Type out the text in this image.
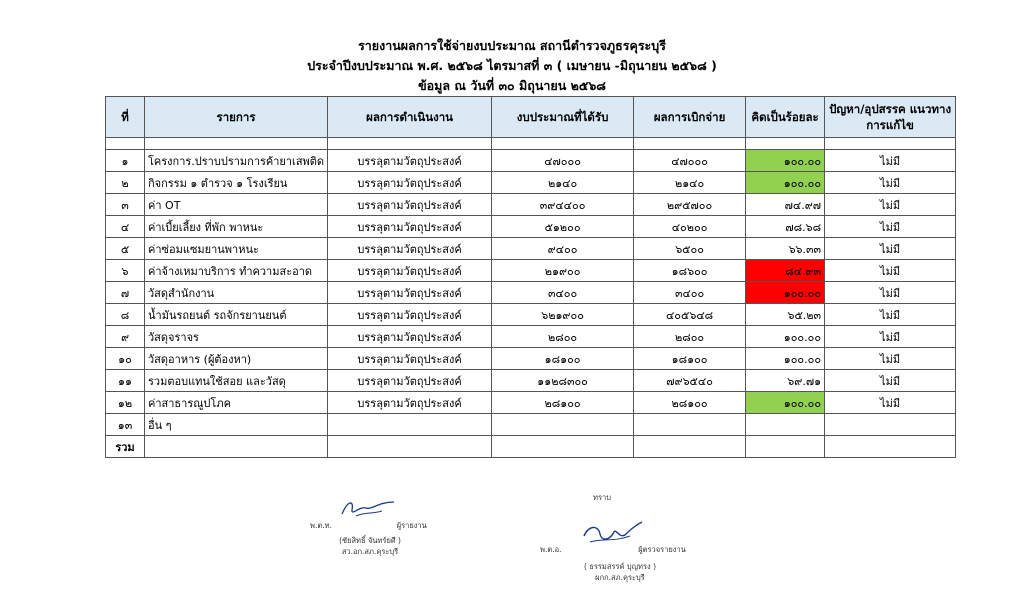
รายงานผลการใช้จ่ายงบประมาณ สถานีตำรวจภูธรคุระบุรี
ประจำปีงบประมาณ พ.ศ. ๒๕๖๘ ไตรมาสที่ ๓ ( เมษายน -มิถุนายน ๒๕๖๘ )
ข้อมูล ณ วันที่ ๓๐ มิถุนายน ๒๕๖๘
ที่	รายการ	ผลการดำเนินงาน	งบประมาณที่ได้รับ	ผลการเบิกจ่าย	คิดเป็นร้อยละ	ปัญหา/อุปสรรค แนวทางการแก้ไข

๑	โครงการ.ปราบปรามการค้ายาเสพติด	บรรลุตามวัตถุประสงค์	๔๗๐๐๐	๔๗๐๐๐	๑๐๐.๐๐	ไม่มี
๒	กิจกรรม ๑ ตำรวจ ๑ โรงเรียน	บรรลุตามวัตถุประสงค์	๒๑๔๐	๒๑๔๐	๑๐๐.๐๐	ไม่มี
๓	ค่า OT	บรรลุตามวัตถุประสงค์	๓๙๔๔๐๐	๒๙๕๗๐๐	๗๔.๙๗	ไม่มี
๔	ค่าเบี้ยเลี้ยง ที่พัก พาหนะ	บรรลุตามวัตถุประสงค์	๕๑๒๐๐	๔๐๒๐๐	๗๘.๖๘	ไม่มี
๕	ค่าซ่อมแซมยานพาหนะ	บรรลุตามวัตถุประสงค์	๙๔๐๐	๖๕๐๐	๖๖.๓๓	ไม่มี
๖	ค่าจ้างเหมาบริการ ทำความสะอาด	บรรลุตามวัตถุประสงค์	๒๑๙๐๐	๑๘๖๐๐	๘๔.๙๓	ไม่มี
๗	วัสดุสำนักงาน	บรรลุตามวัตถุประสงค์	๓๔๐๐	๓๔๐๐	๑๐๐.๐๐	ไม่มี
๘	น้ำมันรถยนต์ รถจักรยานยนต์	บรรลุตามวัตถุประสงค์	๖๒๑๙๐๐	๔๐๕๖๔๘	๖๕.๒๓	ไม่มี
๙	วัสดุจราจร	บรรลุตามวัตถุประสงค์	๒๘๐๐	๒๘๐๐	๑๐๐.๐๐	ไม่มี
๑๐	วัสดุอาหาร (ผู้ต้องหา)	บรรลุตามวัตถุประสงค์	๑๘๑๐๐	๑๘๑๐๐	๑๐๐.๐๐	ไม่มี
๑๑	รวมตอบแทนใช้สอย และวัสดุ	บรรลุตามวัตถุประสงค์	๑๑๒๘๓๐๐	๗๙๖๕๔๐	๖๙.๗๑	ไม่มี
๑๒	ค่าสาธารณูปโภค	บรรลุตามวัตถุประสงค์	๒๘๑๐๐	๒๘๑๐๐	๑๐๐.๐๐	ไม่มี
๑๓	อื่น ๆ					
รวม						
พ.ต.ท.	ผู้รายงาน
(ชัยสิทธิ์ จันทร์ยศี )
สว.อก.สภ.คุระบุรี
ทราบ
พ.ต.อ.	ผู้ตรวจรายงาน
( ธรรมสรรค์ บุญทรง )
ผกก.สภ.คุระบุรี
